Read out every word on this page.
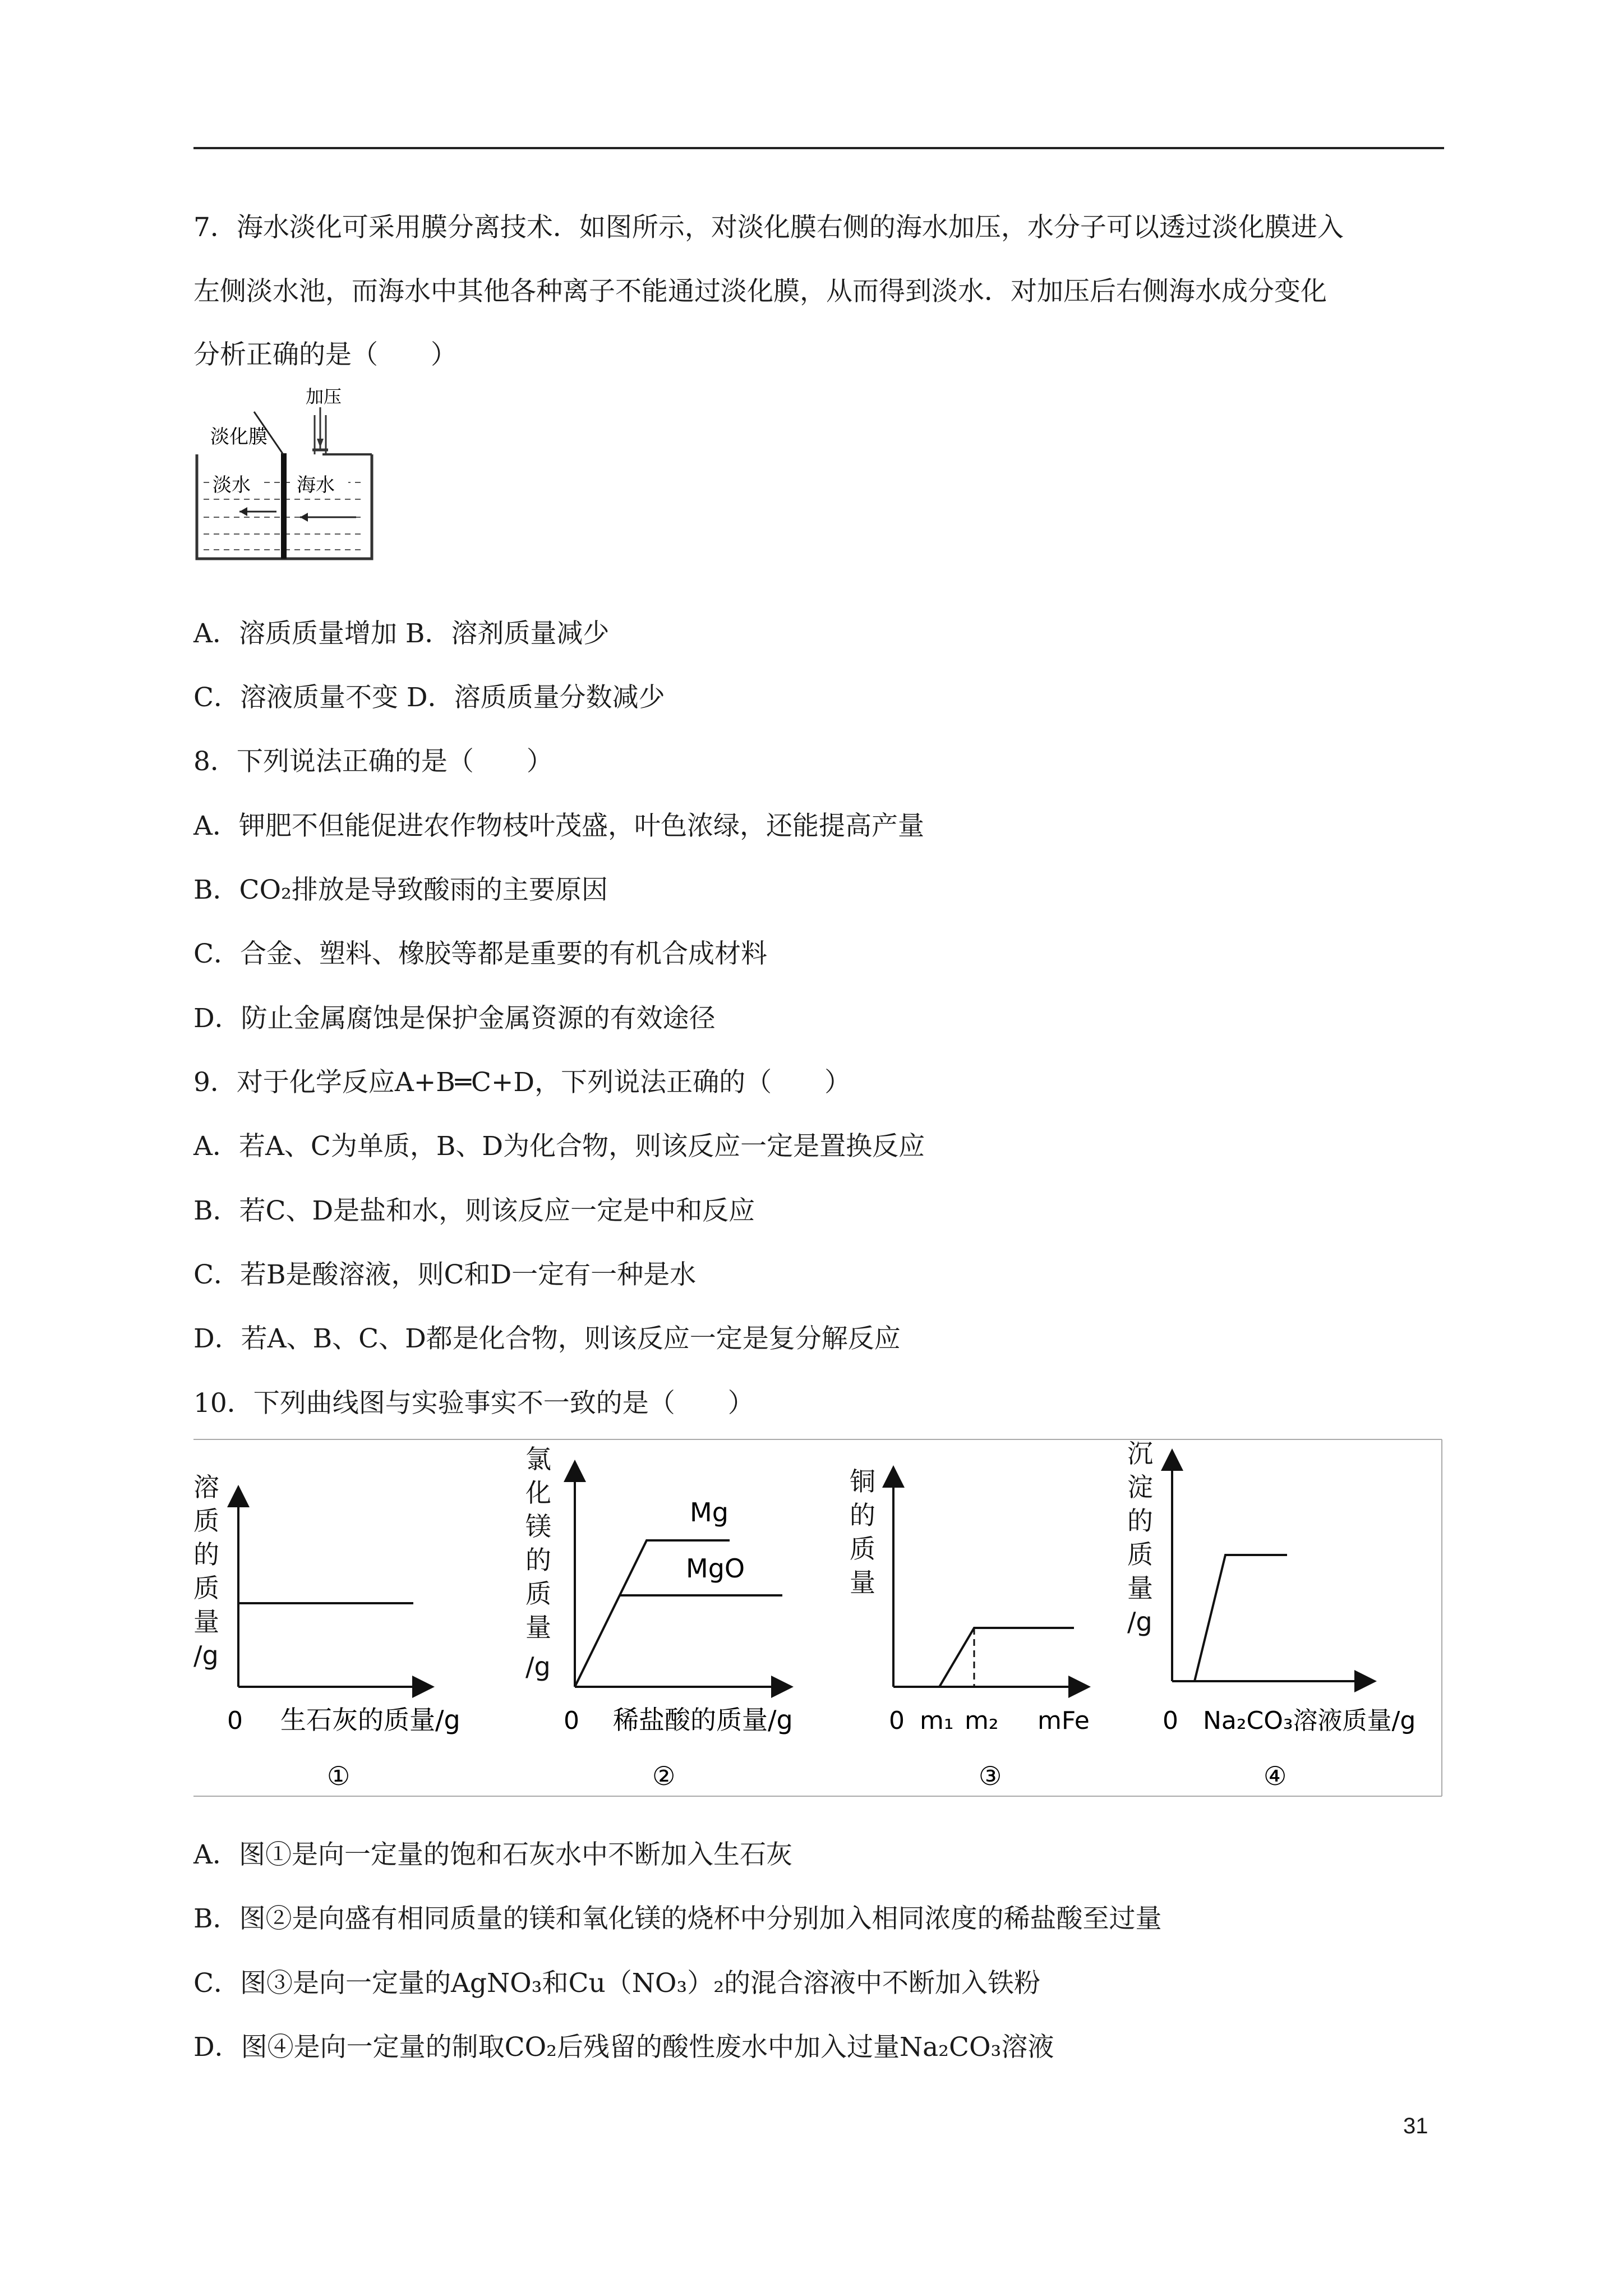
7．海水淡化可采用膜分离技术．如图所示，对淡化膜右侧的海水加压，水分子可以透过淡化膜进入
左侧淡水池，而海水中其他各种离子不能通过淡化膜，从而得到淡水．对加压后右侧海水成分变化
分析正确的是（　　）
加压
淡化膜
淡水 海水
A．溶质质量增加 B．溶剂质量减少
C．溶液质量不变 D．溶质质量分数减少
8．下列说法正确的是（　　）
A．钾肥不但能促进农作物枝叶茂盛，叶色浓绿，还能提高产量
B．CO₂排放是导致酸雨的主要原因
C．合金、塑料、橡胶等都是重要的有机合成材料
D．防止金属腐蚀是保护金属资源的有效途径
9．对于化学反应A+B═C+D，下列说法正确的（　　）
A．若A、C为单质，B、D为化合物，则该反应一定是置换反应
B．若C、D是盐和水，则该反应一定是中和反应
C．若B是酸溶液，则C和D一定有一种是水
D．若A、B、C、D都是化合物，则该反应一定是复分解反应
10．下列曲线图与实验事实不一致的是（　　）
溶
质
的
质
量
/g
0 生石灰的质量/g
①
氯
化
镁
的
质
量
/g
Mg
MgO
0 稀盐酸的质量/g
②
铜
的
质
量
0 m₁ m₂ mFe
③
沉
淀
的
质
量
/g
0 Na₂CO₃溶液质量/g
④
A．图①是向一定量的饱和石灰水中不断加入生石灰
B．图②是向盛有相同质量的镁和氧化镁的烧杯中分别加入相同浓度的稀盐酸至过量
C．图③是向一定量的AgNO₃和Cu（NO₃）₂的混合溶液中不断加入铁粉
D．图④是向一定量的制取CO₂后残留的酸性废水中加入过量Na₂CO₃溶液
31
